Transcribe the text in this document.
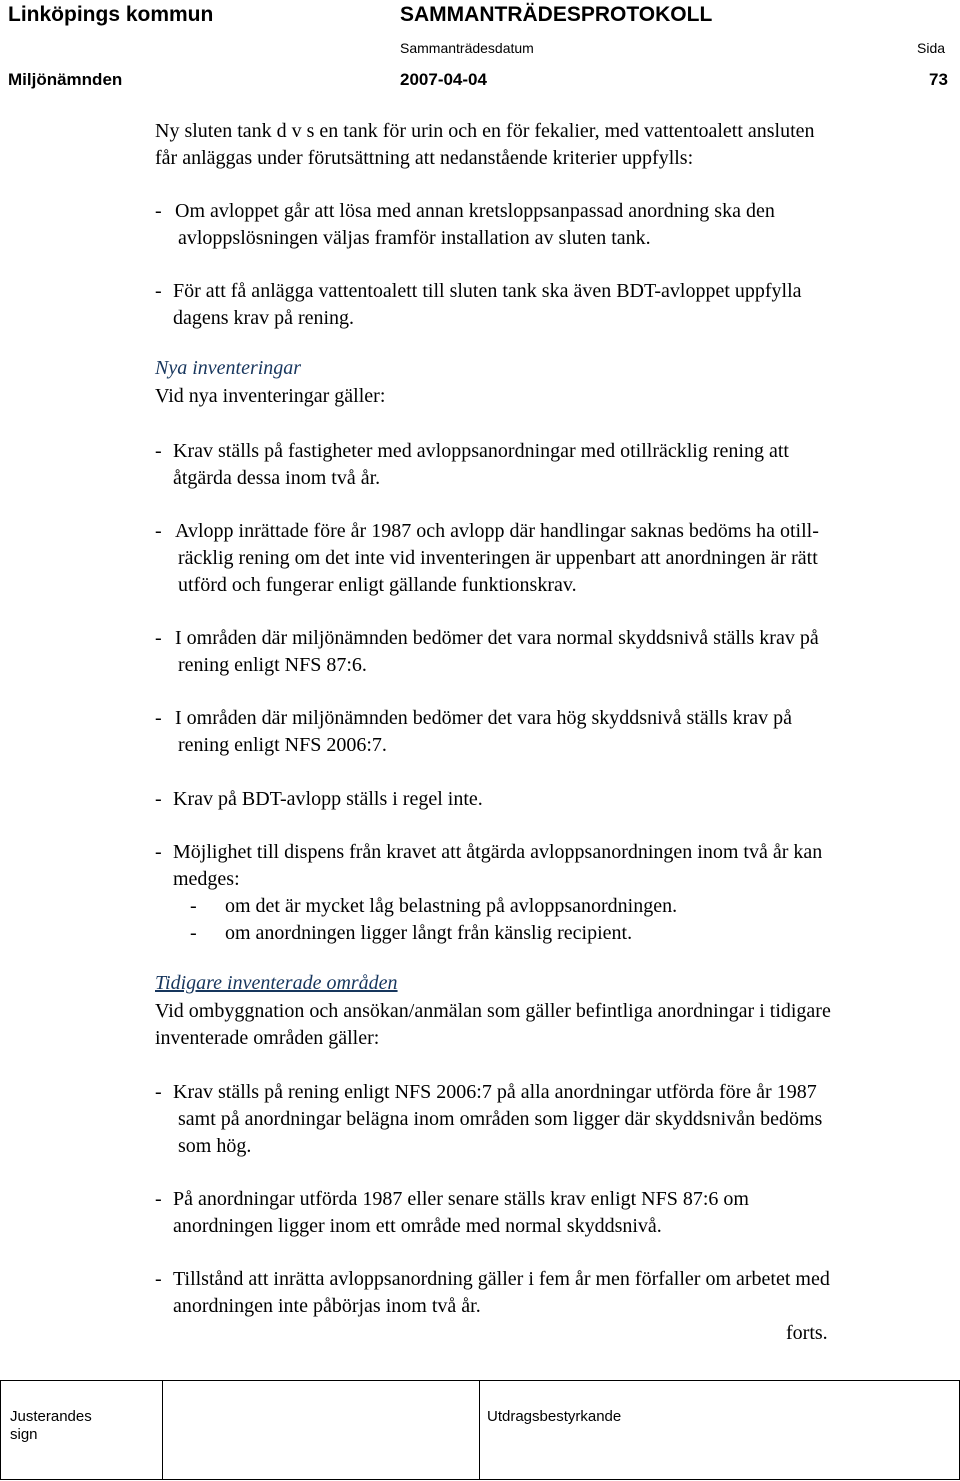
Linköpings kommun	SAMMANTRÄDESPROTOKOLL
Sammanträdesdatum	Sida
Miljönämnden	2007-04-04	73
Ny sluten tank d v s en tank för urin och en för fekalier, med vattentoalett ansluten
får anläggas under förutsättning att nedanstående kriterier uppfylls:
- Om avloppet går att lösa med annan kretsloppsanpassad anordning ska den
avloppslösningen väljas framför installation av sluten tank.
- För att få anlägga vattentoalett till sluten tank ska även BDT-avloppet uppfylla
dagens krav på rening.
Nya inventeringar
Vid nya inventeringar gäller:
- Krav ställs på fastigheter med avloppsanordningar med otillräcklig rening att
åtgärda dessa inom två år.
- Avlopp inrättade före år 1987 och avlopp där handlingar saknas bedöms ha otill-
räcklig rening om det inte vid inventeringen är uppenbart att anordningen är rätt
utförd och fungerar enligt gällande funktionskrav.
- I områden där miljönämnden bedömer det vara normal skyddsnivå ställs krav på
rening enligt NFS 87:6.
- I områden där miljönämnden bedömer det vara hög skyddsnivå ställs krav på
rening enligt NFS 2006:7.
- Krav på BDT-avlopp ställs i regel inte.
- Möjlighet till dispens från kravet att åtgärda avloppsanordningen inom två år kan
medges:
- om det är mycket låg belastning på avloppsanordningen.
- om anordningen ligger långt från känslig recipient.
Tidigare inventerade områden
Vid ombyggnation och ansökan/anmälan som gäller befintliga anordningar i tidigare
inventerade områden gäller:
- Krav ställs på rening enligt NFS 2006:7 på alla anordningar utförda före år 1987
samt på anordningar belägna inom områden som ligger där skyddsnivån bedöms
som hög.
- På anordningar utförda 1987 eller senare ställs krav enligt NFS 87:6 om
anordningen ligger inom ett område med normal skyddsnivå.
- Tillstånd att inrätta avloppsanordning gäller i fem år men förfaller om arbetet med
anordningen inte påbörjas inom två år.
forts.
Justerandes
sign
Utdragsbestyrkande
